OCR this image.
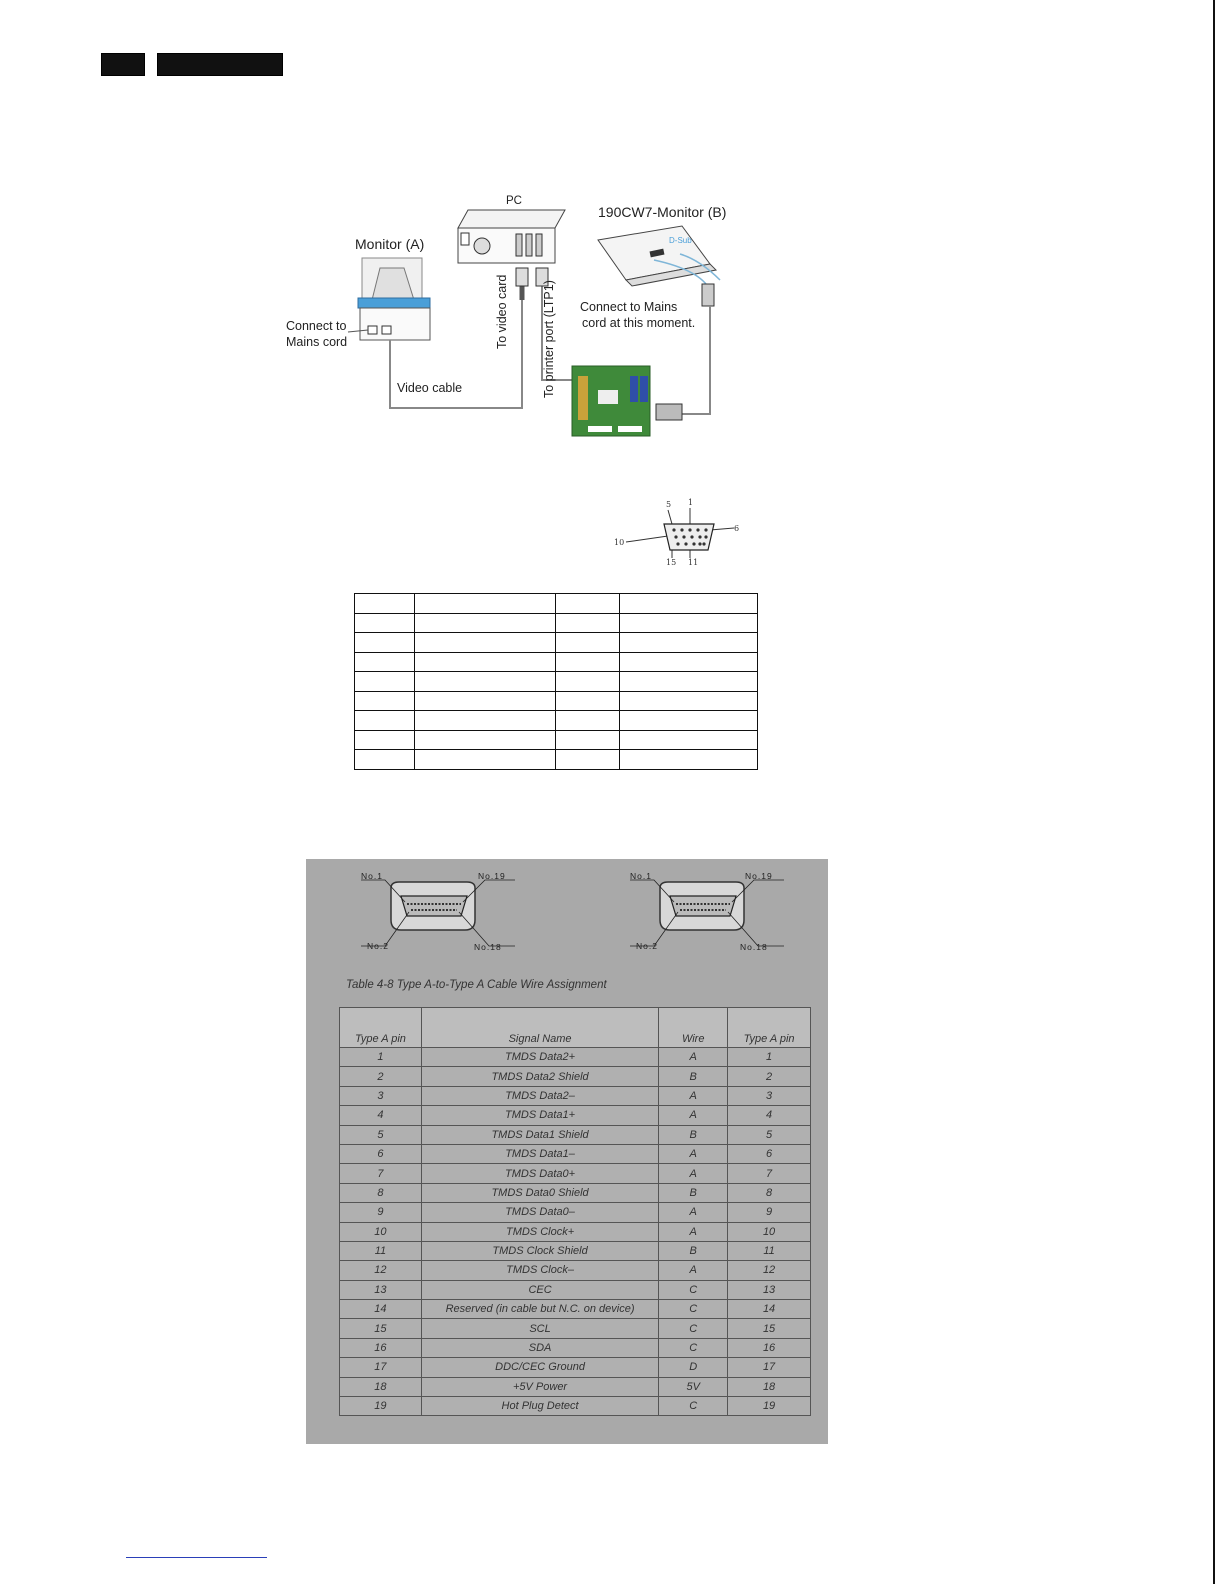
PC
Monitor (A)
190CW7-Monitor (B)
Connect to
Mains cord
Connect to Mains
cord at this moment.
To video card	To printer port (LTP1)
Video cable
D-Sub
5 1
6
10
15 11

No.1	No.19
No.2	No.18
No.1	No.19
No.2	No.18
Table 4-8 Type A-to-Type A Cable Wire Assignment
Type A pin	Signal Name	Wire	Type A pin
1	TMDS Data2+	A	1
2	TMDS Data2 Shield	B	2
3	TMDS Data2–	A	3
4	TMDS Data1+	A	4
5	TMDS Data1 Shield	B	5
6	TMDS Data1–	A	6
7	TMDS Data0+	A	7
8	TMDS Data0 Shield	B	8
9	TMDS Data0–	A	9
10	TMDS Clock+	A	10
11	TMDS Clock Shield	B	11
12	TMDS Clock–	A	12
13	CEC	C	13
14	Reserved (in cable but N.C. on device)	C	14
15	SCL	C	15
16	SDA	C	16
17	DDC/CEC Ground	D	17
18	+5V Power	5V	18
19	Hot Plug Detect	C	19
